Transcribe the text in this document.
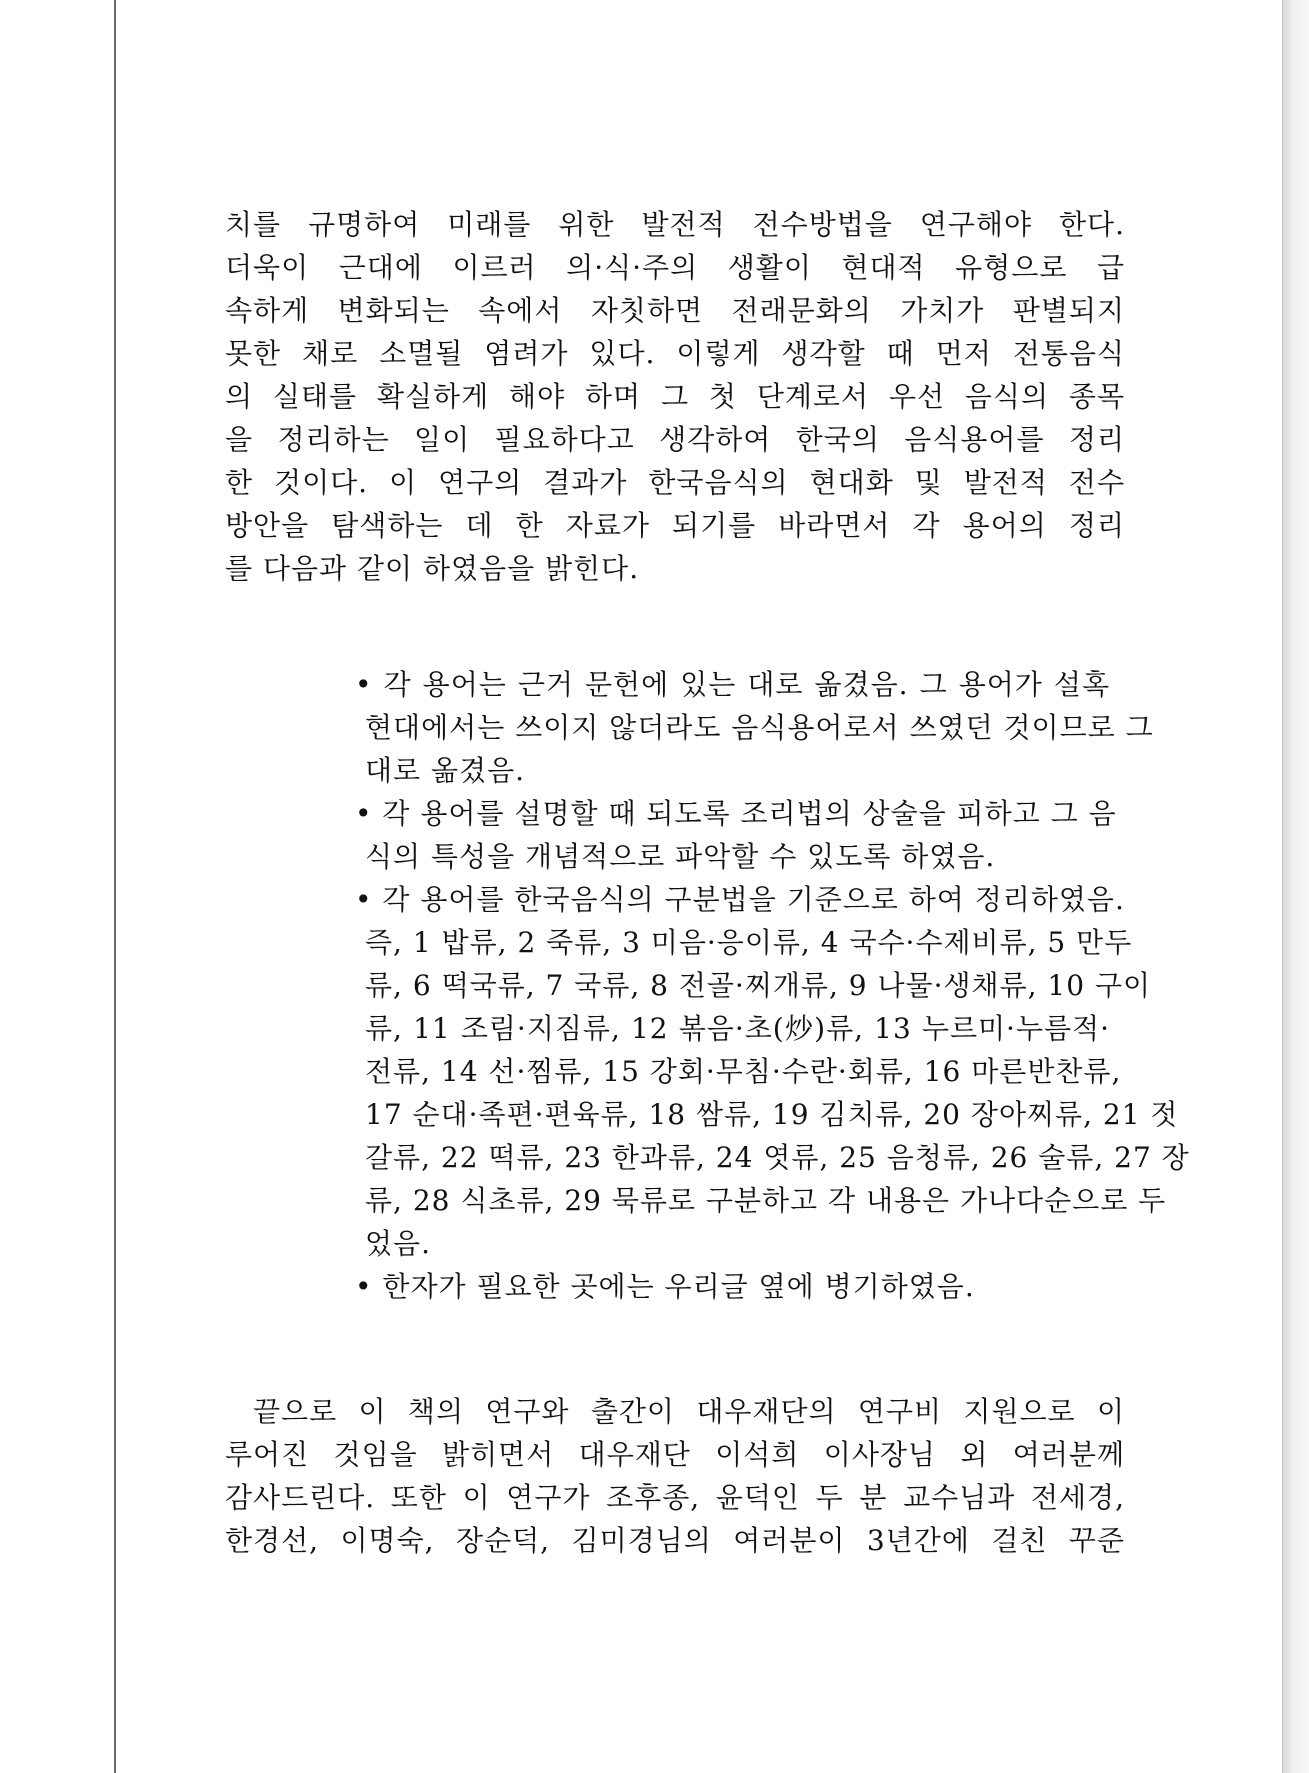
치를 규명하여 미래를 위한 발전적 전수방법을 연구해야 한다.
더욱이 근대에 이르러 의·식·주의 생활이 현대적 유형으로 급
속하게 변화되는 속에서 자칫하면 전래문화의 가치가 판별되지
못한 채로 소멸될 염려가 있다. 이렇게 생각할 때 먼저 전통음식
의 실태를 확실하게 해야 하며 그 첫 단계로서 우선 음식의 종목
을 정리하는 일이 필요하다고 생각하여 한국의 음식용어를 정리
한 것이다. 이 연구의 결과가 한국음식의 현대화 및 발전적 전수
방안을 탐색하는 데 한 자료가 되기를 바라면서 각 용어의 정리
를 다음과 같이 하였음을 밝힌다.
• 각 용어는 근거 문헌에 있는 대로 옮겼음. 그 용어가 설혹
현대에서는 쓰이지 않더라도 음식용어로서 쓰였던 것이므로 그
대로 옮겼음.
• 각 용어를 설명할 때 되도록 조리법의 상술을 피하고 그 음
식의 특성을 개념적으로 파악할 수 있도록 하였음.
• 각 용어를 한국음식의 구분법을 기준으로 하여 정리하였음.
즉, 1 밥류, 2 죽류, 3 미음·응이류, 4 국수·수제비류, 5 만두
류, 6 떡국류, 7 국류, 8 전골·찌개류, 9 나물·생채류, 10 구이
류, 11 조림·지짐류, 12 볶음·초(炒)류, 13 누르미·누름적·
전류, 14 선·찜류, 15 강회·무침·수란·회류, 16 마른반찬류,
17 순대·족편·편육류, 18 쌈류, 19 김치류, 20 장아찌류, 21 젓
갈류, 22 떡류, 23 한과류, 24 엿류, 25 음청류, 26 술류, 27 장
류, 28 식초류, 29 묵류로 구분하고 각 내용은 가나다순으로 두
었음.
• 한자가 필요한 곳에는 우리글 옆에 병기하였음.
끝으로 이 책의 연구와 출간이 대우재단의 연구비 지원으로 이
루어진 것임을 밝히면서 대우재단 이석희 이사장님 외 여러분께
감사드린다. 또한 이 연구가 조후종, 윤덕인 두 분 교수님과 전세경,
한경선, 이명숙, 장순덕, 김미경님의 여러분이 3년간에 걸친 꾸준
